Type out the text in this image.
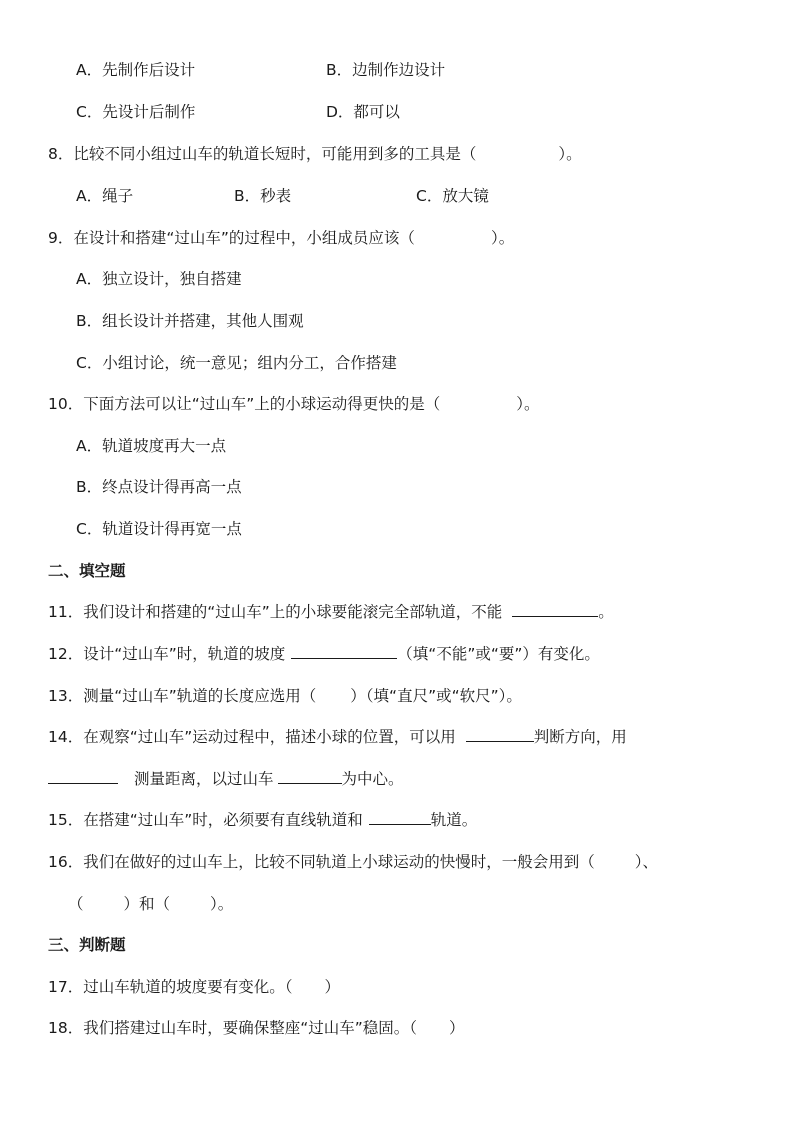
A．先制作后设计

	B．边制作边设计

C．先设计后制作

	D．都可以

8．比较不同小组过山车的轨道长短时，可能用到多的工具是（	）。

A．绳子

	B．秒表

	C．放大镜

9．在设计和搭建“过山车”的过程中，小组成员应该（	）。
A．独立设计，独自搭建
B．组长设计并搭建，其他人围观
C．小组讨论，统一意见；组内分工，合作搭建
10．下面方法可以让“过山车”上的小球运动得更快的是（	）。
A．轨道坡度再大一点
B．终点设计得再高一点
C．轨道设计得再宽一点
二、填空题
11．我们设计和搭建的“过山车”上的小球要能滚完全部轨道，不能	。
12．设计“过山车”时，轨道的坡度	（填“不能”或“要”）有变化。
13．测量“过山车”轨道的长度应选用（ ）（填“直尺”或“软尺”）。
14．在观察“过山车”运动过程中，描述小球的位置，可以用	判断方向，用
测量距离，以过山车	为中心。
15．在搭建“过山车”时，必须要有直线轨道和	轨道。
16．我们在做好的过山车上，比较不同轨道上小球运动的快慢时，一般会用到（	）、
（	）和（	）。
三、判断题
17．过山车轨道的坡度要有变化。（ ）
18．我们搭建过山车时，要确保整座“过山车”稳固。（ ）
